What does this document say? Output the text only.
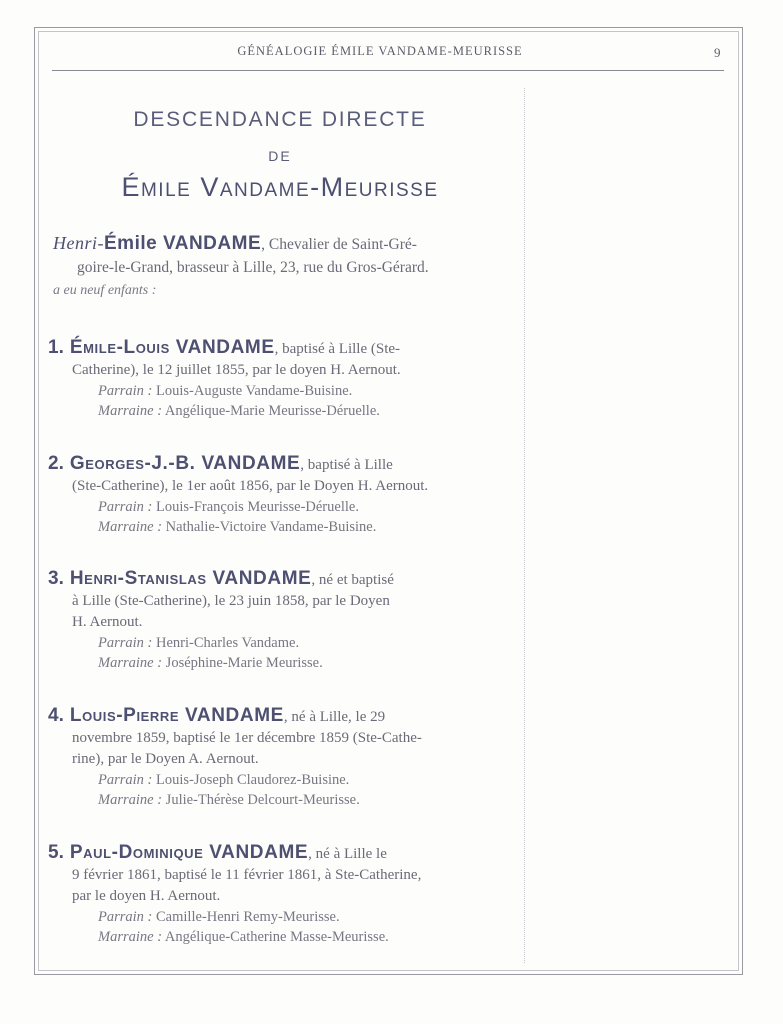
GÉNÉALOGIE ÉMILE VANDAME-MEURISSE	9
DESCENDANCE DIRECTE
DE
Émile Vandame-Meurisse
Henri-Émile VANDAME, Chevalier de Saint-Gré-
goire-le-Grand, brasseur à Lille, 23, rue du Gros-Gérard.
a eu neuf enfants :
1. Émile-Louis VANDAME, baptisé à Lille (Ste-
Catherine), le 12 juillet 1855, par le doyen H. Aernout.
Parrain : Louis-Auguste Vandame-Buisine.
Marraine : Angélique-Marie Meurisse-Déruelle.
2. Georges-J.-B. VANDAME, baptisé à Lille
(Ste-Catherine), le 1er août 1856, par le Doyen H. Aernout.
Parrain : Louis-François Meurisse-Déruelle.
Marraine : Nathalie-Victoire Vandame-Buisine.
3. Henri-Stanislas VANDAME, né et baptisé
à Lille (Ste-Catherine), le 23 juin 1858, par le Doyen
H. Aernout.
Parrain : Henri-Charles Vandame.
Marraine : Joséphine-Marie Meurisse.
4. Louis-Pierre VANDAME, né à Lille, le 29
novembre 1859, baptisé le 1er décembre 1859 (Ste-Cathe-
rine), par le Doyen A. Aernout.
Parrain : Louis-Joseph Claudorez-Buisine.
Marraine : Julie-Thérèse Delcourt-Meurisse.
5. Paul-Dominique VANDAME, né à Lille le
9 février 1861, baptisé le 11 février 1861, à Ste-Catherine,
par le doyen H. Aernout.
Parrain : Camille-Henri Remy-Meurisse.
Marraine : Angélique-Catherine Masse-Meurisse.
